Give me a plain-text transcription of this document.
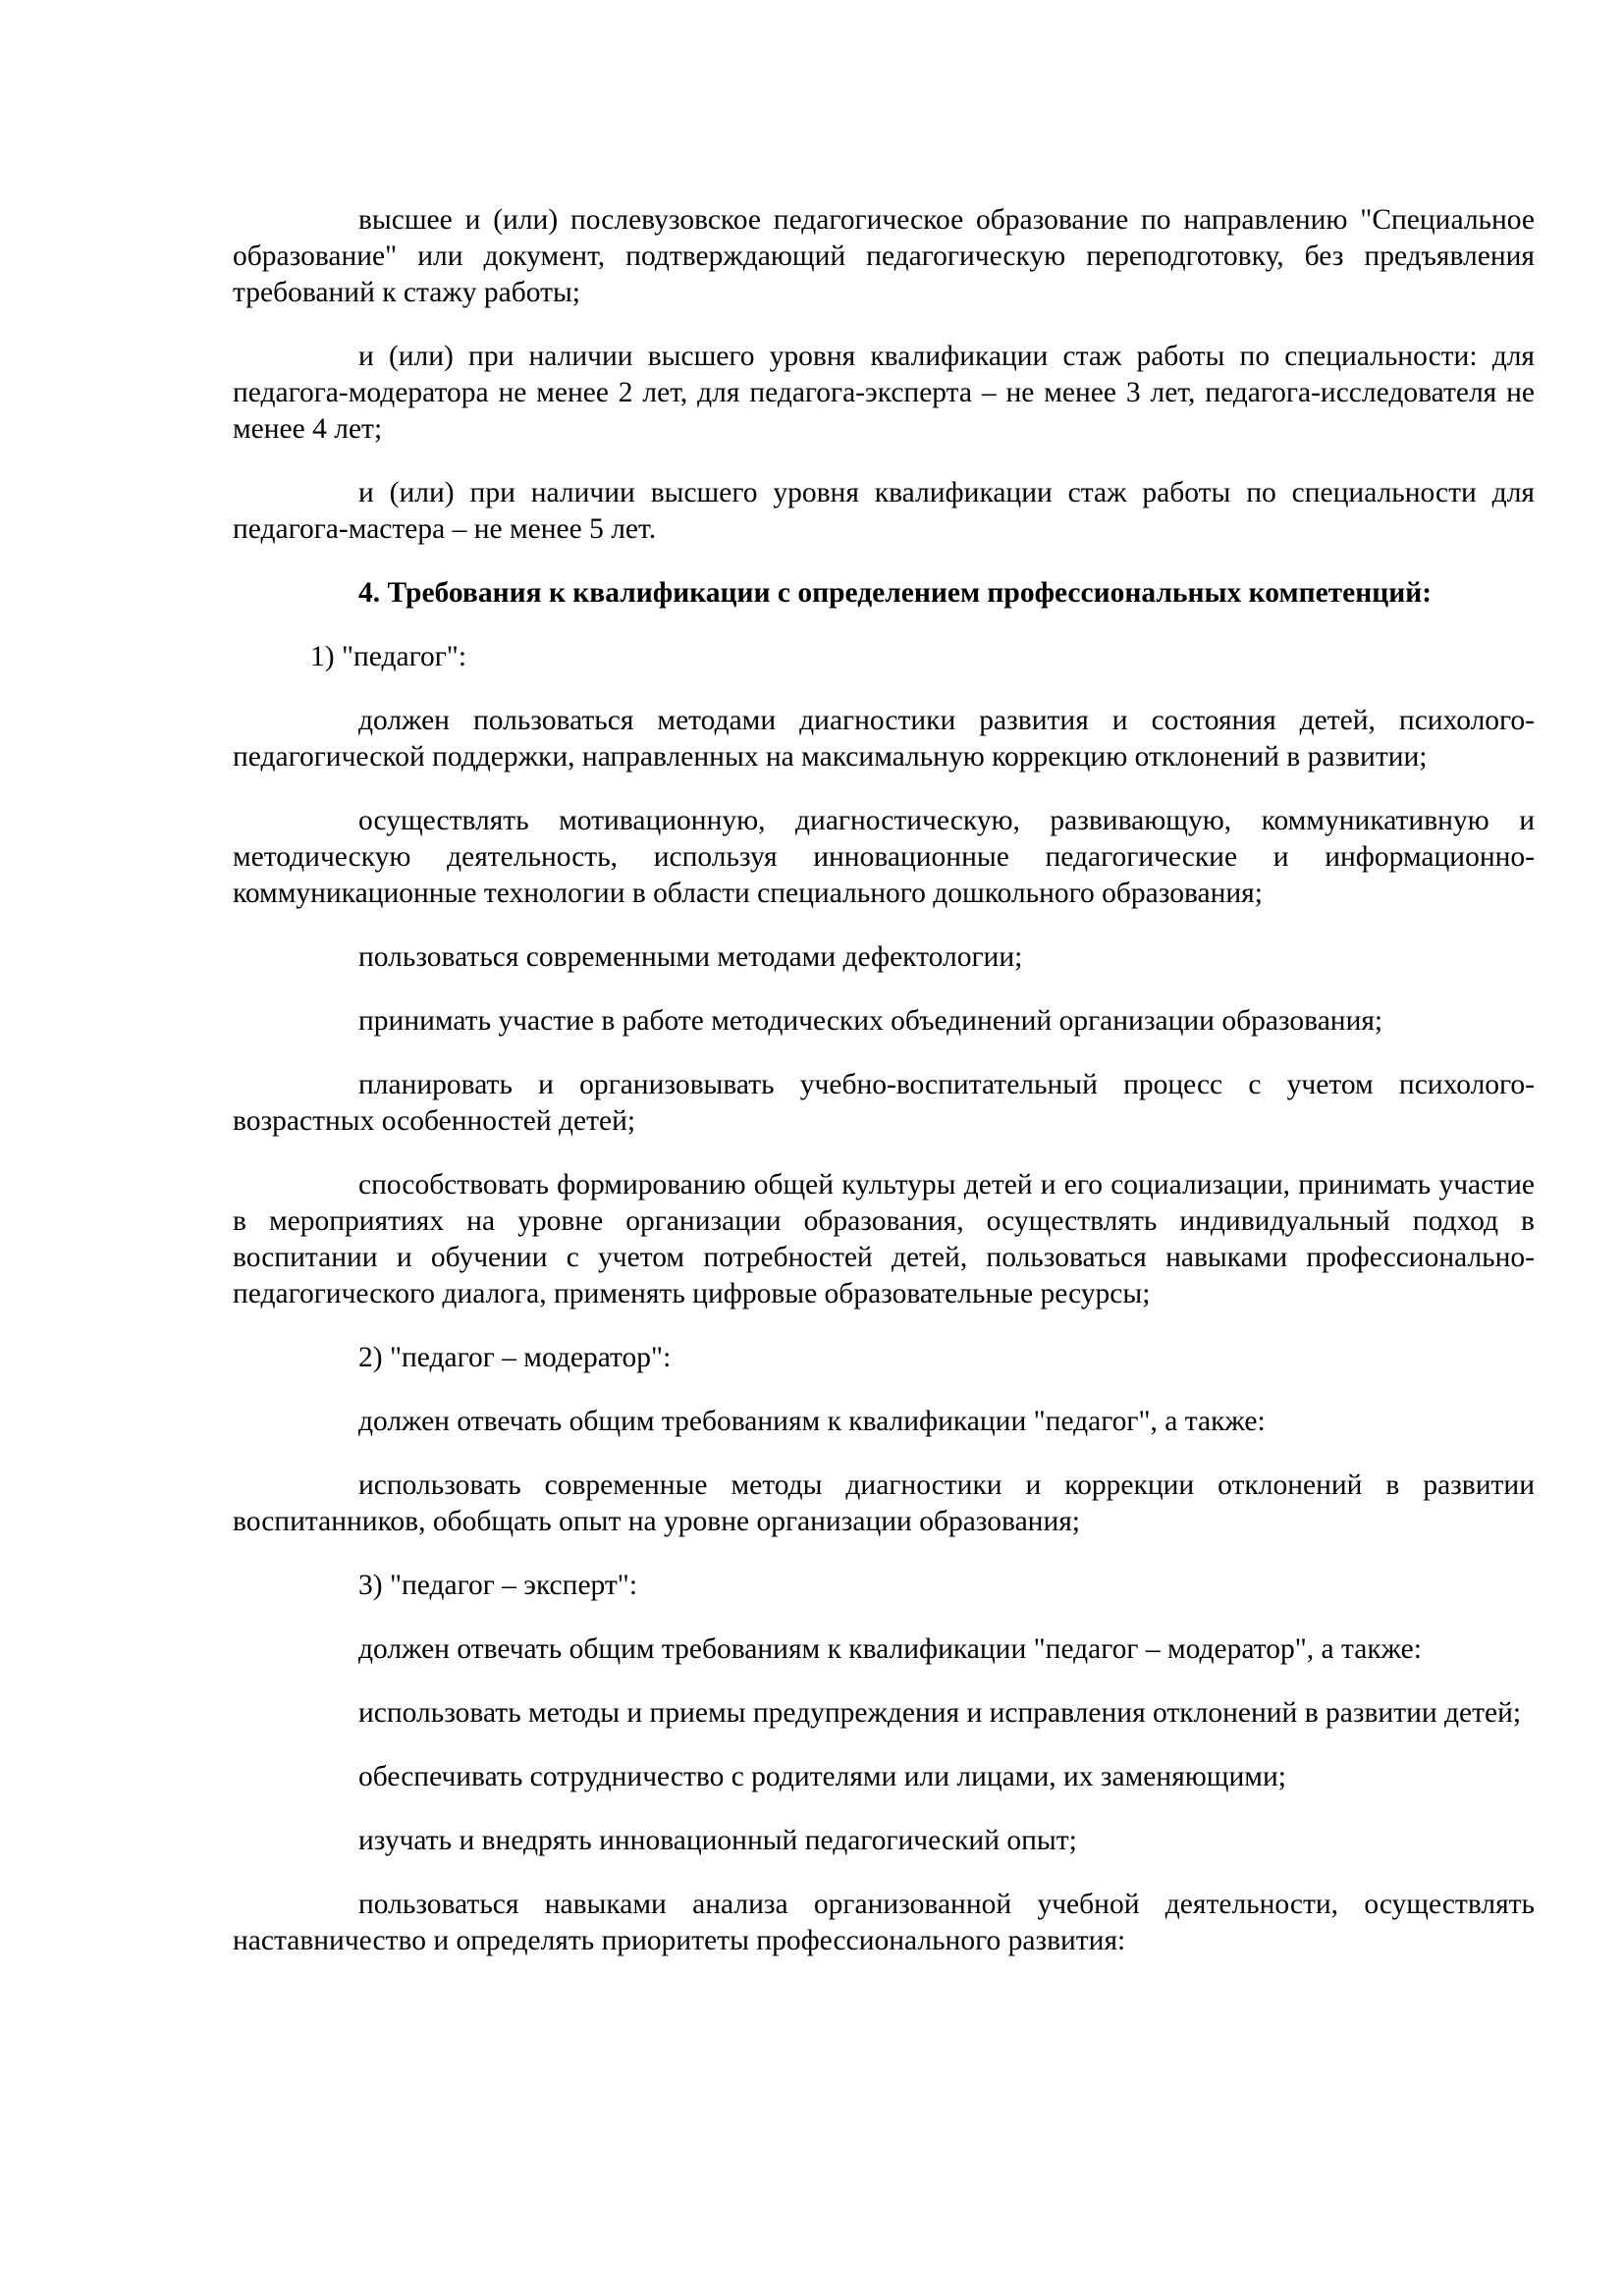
высшее и (или) послевузовское педагогическое образование по направлению "Специальное образование" или документ, подтверждающий педагогическую переподготовку, без предъявления требований к стажу работы;

и (или) при наличии высшего уровня квалификации стаж работы по специальности: для педагога-модератора не менее 2 лет, для педагога-эксперта – не менее 3 лет, педагога-исследователя не менее 4 лет;

и (или) при наличии высшего уровня квалификации стаж работы по специальности для педагога-мастера – не менее 5 лет.

4. Требования к квалификации с определением профессиональных компетенций:

1) "педагог":

должен пользоваться методами диагностики развития и состояния детей, психолого-педагогической поддержки, направленных на максимальную коррекцию отклонений в развитии;

осуществлять мотивационную, диагностическую, развивающую, коммуникативную и методическую деятельность, используя инновационные педагогические и информационно-коммуникационные технологии в области специального дошкольного образования;

пользоваться современными методами дефектологии;

принимать участие в работе методических объединений организации образования;

планировать и организовывать учебно-воспитательный процесс с учетом психолого-возрастных особенностей детей;

способствовать формированию общей культуры детей и его социализации, принимать участие в мероприятиях на уровне организации образования, осуществлять индивидуальный подход в воспитании и обучении с учетом потребностей детей, пользоваться навыками профессионально-педагогического диалога, применять цифровые образовательные ресурсы;

2) "педагог – модератор":

должен отвечать общим требованиям к квалификации "педагог", а также:

использовать современные методы диагностики и коррекции отклонений в развитии воспитанников, обобщать опыт на уровне организации образования;

3) "педагог – эксперт":

должен отвечать общим требованиям к квалификации "педагог – модератор", а также:

использовать методы и приемы предупреждения и исправления отклонений в развитии детей;

обеспечивать сотрудничество с родителями или лицами, их заменяющими;

изучать и внедрять инновационный педагогический опыт;

пользоваться навыками анализа организованной учебной деятельности, осуществлять наставничество и определять приоритеты профессионального развития:
